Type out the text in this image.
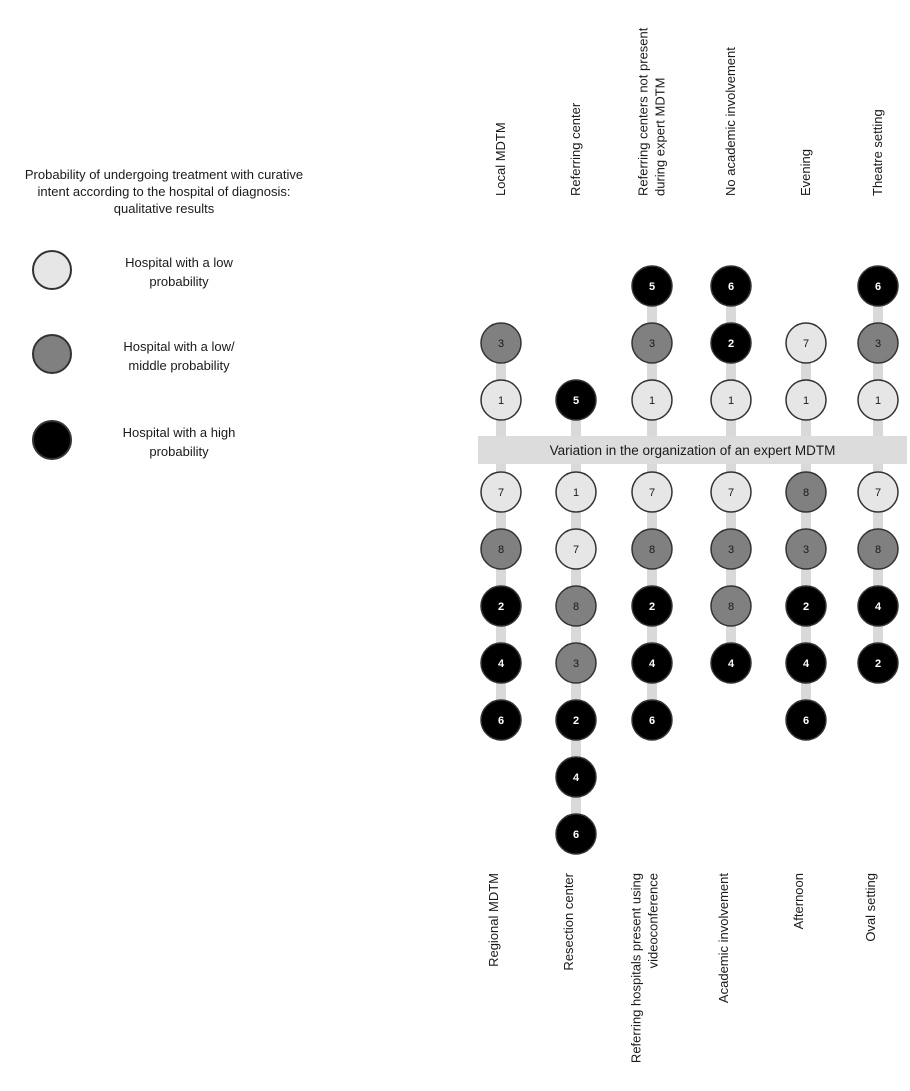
Probability of undergoing treatment with curative
intent according to the hospital of diagnosis:
qualitative results
Hospital with a low
probability
Hospital with a low/
middle probability
Hospital with a high
probability	Variation in the organization of an expert MDTM
1
3
7
8
2
4
6
5
1
7
8
3
2
4
6
1
3
5
7
8
2
4
6
1
2
6
7
3
8
4
1
7
8
3
2
4
6
1
3
6
7
8
4
2
Local MDTM
Regional MDTM
Referring center
Resection center
Referring centers not present during expert MDTM
Referring hospitals present using videoconference
No academic involvement
Academic involvement
Evening
Afternoon
Theatre setting
Oval setting
